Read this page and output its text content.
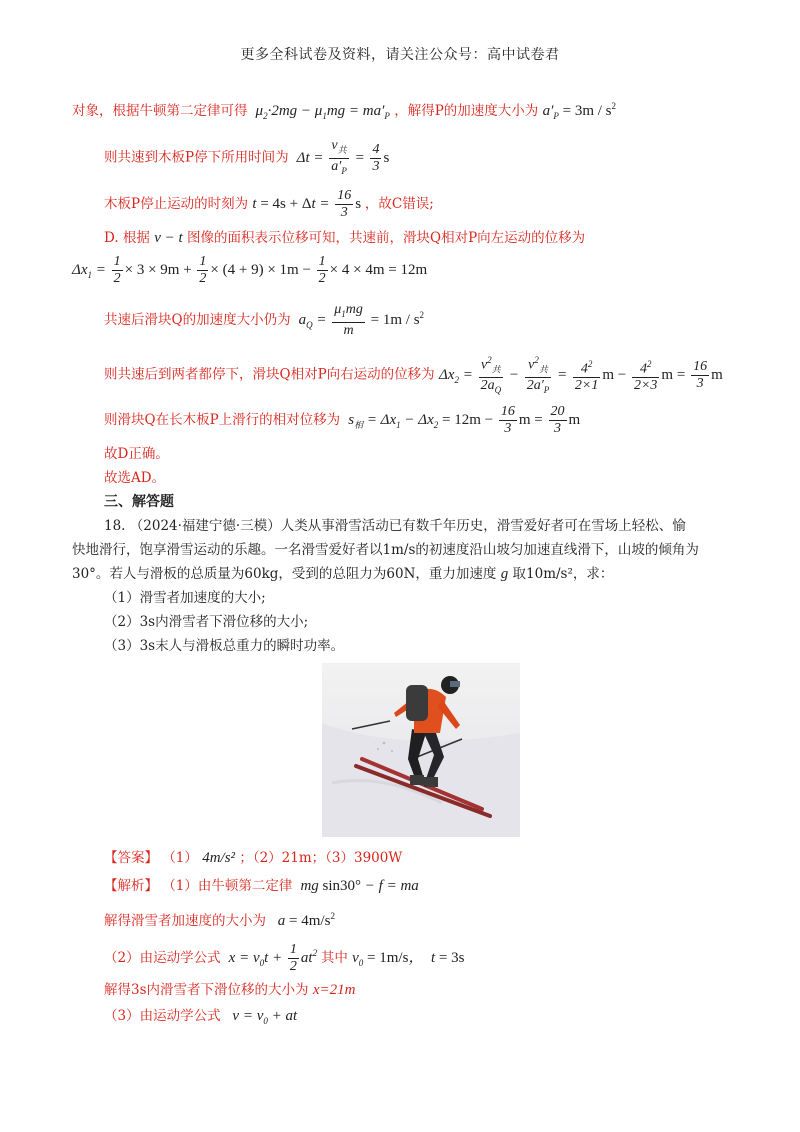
更多全科试卷及资料，请关注公众号：高中试卷君
对象，根据牛顿第二定律可得  $\mu_2\cdot 2mg - \mu_1mg = ma'_P$ ，解得P的加速度大小为 $a'_P = 3m / s^2$
则共速到木板P停下所用时间为  $\Delta t = \frac{v_共}{a'_P} = \frac{4}{3}$ s
木板P停止运动的时刻为 $t = 4s + \Delta t = \frac{16}{3}$ s ，故C错误;
D. 根据 v − t 图像的面积表示位移可知，共速前，滑块Q相对P向左运动的位移为
$\Delta x_1 = \frac{1}{2} \times 3 \times 9m + \frac{1}{2} \times (4 + 9) \times 1m - \frac{1}{2} \times 4 \times 4m = 12m$
共速后滑块Q的加速度大小仍为 $a_Q = \frac{\mu_1mg}{m} = 1m / s^2$
则共速后到两者都停下，滑块Q相对P向右运动的位移为 $\Delta x_2 = \frac{v^2_共}{2a_Q} - \frac{v^2_共}{2a'_P} = \frac{4^2}{2\times 1}$ $m - \frac{4^2}{2\times 3}$ $m = \frac{16}{3}$ m
则滑块Q在长木板P上滑行的相对位移为 $s_相 = \Delta x_1 - \Delta x_2 = 12m - \frac{16}{3}$ $m = \frac{20}{3}$ m
故D正确。
故选AD。
三、解答题
18. （2024·福建宁德·三模）人类从事滑雪活动已有数千年历史，滑雪爱好者可在雪场上轻松、愉
快地滑行，饱享滑雪运动的乐趣。一名滑雪爱好者以1m/s的初速度沿山坡匀加速直线滑下，山坡的倾角为
30°。若人与滑板的总质量为60kg，受到的总阻力为60N，重力加速度 g 取10m/s²，求：
（1）滑雪者加速度的大小;
（2）3s内滑雪者下滑位移的大小;
（3）3s末人与滑板总重力的瞬时功率。
【答案】 （1） 4m/s² ；（2）21m；（3）3900W
【解析】 （1）由牛顿第二定律 mg sin30° − f = ma
解得滑雪者加速度的大小为 $a = 4m/s^2$
（2）由运动学公式 $x = v_0t + \frac{1}{2} at^2$ 其中 $v_0 = 1m/s$，  t = 3s
解得3s内滑雪者下滑位移的大小为 x=21m
（3）由运动学公式 $v = v_0$ + at
